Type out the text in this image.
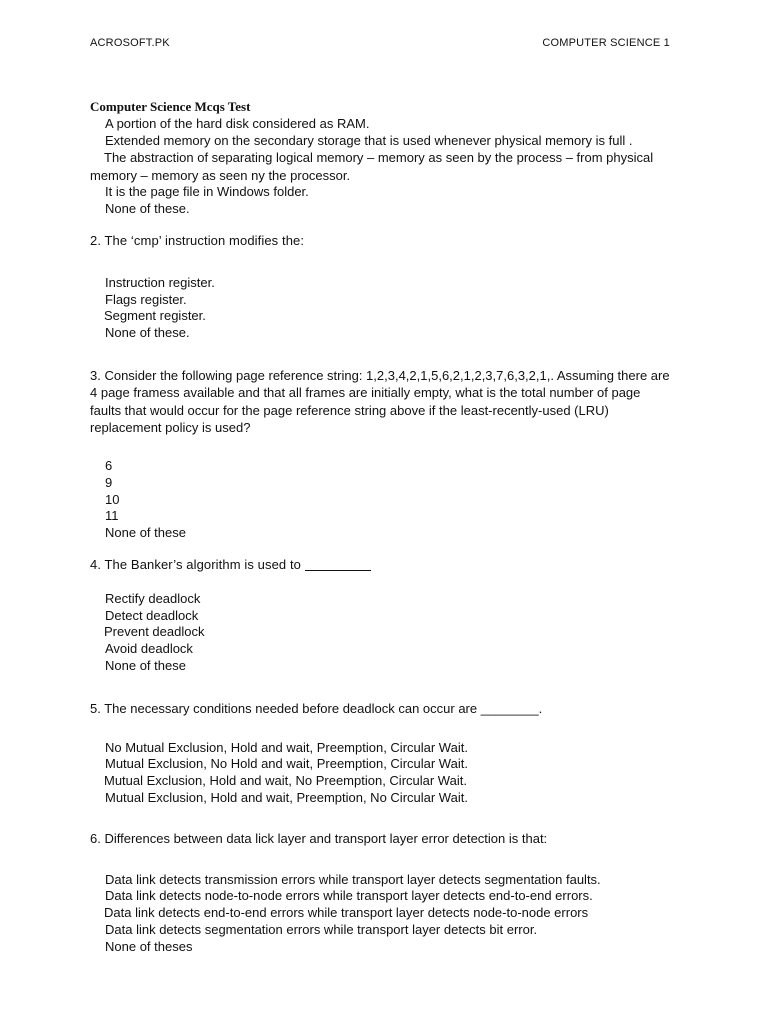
ACROSOFT.PK	COMPUTER SCIENCE 1
Computer Science Mcqs Test
A portion of the hard disk considered as RAM.
Extended memory on the secondary storage that is used whenever physical memory is full .
The abstraction of separating logical memory – memory as seen by the process – from physical memory – memory as seen ny the processor.
It is the page file in Windows folder.
None of these.
2. The ‘cmp’ instruction modifies the:
Instruction register.
Flags register.
Segment register.
None of these.
3. Consider the following page reference string: 1,2,3,4,2,1,5,6,2,1,2,3,7,6,3,2,1,. Assuming there are 4 page framess available and that all frames are initially empty, what is the total number of page faults that would occur for the page reference string above if the least-recently-used (LRU) replacement policy is used?
6
9
10
11
None of these
4. The Banker’s algorithm is used to
Rectify deadlock
Detect deadlock
Prevent deadlock
Avoid deadlock
None of these
5. The necessary conditions needed before deadlock can occur are ________.
No Mutual Exclusion, Hold and wait, Preemption, Circular Wait.
Mutual Exclusion, No Hold and wait, Preemption, Circular Wait.
Mutual Exclusion, Hold and wait, No Preemption, Circular Wait.
Mutual Exclusion, Hold and wait, Preemption, No Circular Wait.
6. Differences between data lick layer and transport layer error detection is that:
Data link detects transmission errors while transport layer detects segmentation faults.
Data link detects node-to-node errors while transport layer detects end-to-end errors.
Data link detects end-to-end errors while transport layer detects node-to-node errors
Data link detects segmentation errors while transport layer detects bit error.
None of theses
